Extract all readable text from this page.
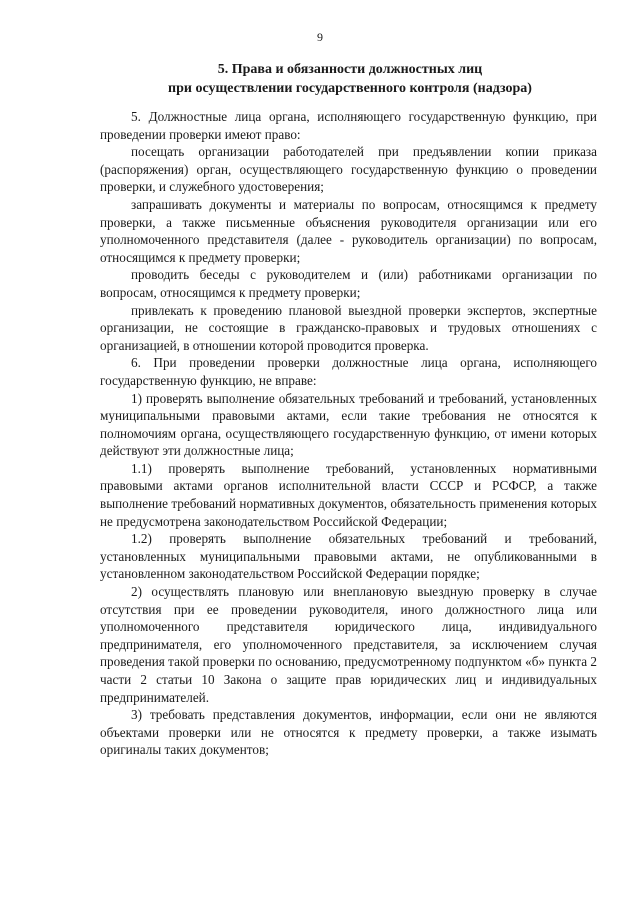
9
5. Права и обязанности должностных лиц
при осуществлении государственного контроля (надзора)

5. Должностные лица органа, исполняющего государственную функцию, при проведении проверки имеют право:

посещать организации работодателей при предъявлении копии приказа (распоряжения) орган, осуществляющего государственную функцию о проведении проверки, и служебного удостоверения;

запрашивать документы и материалы по вопросам, относящимся к предмету проверки, а также письменные объяснения руководителя организации или его уполномоченного представителя (далее - руководитель организации) по вопросам, относящимся к предмету проверки;

проводить беседы с руководителем и (или) работниками организации по вопросам, относящимся к предмету проверки;

привлекать к проведению плановой выездной проверки экспертов, экспертные организации, не состоящие в гражданско-правовых и трудовых отношениях с организацией, в отношении которой проводится проверка.

6. При проведении проверки должностные лица органа, исполняющего государственную функцию, не вправе:

1) проверять выполнение обязательных требований и требований, установленных муниципальными правовыми актами, если такие требования не относятся к полномочиям органа, осуществляющего государственную функцию, от имени которых действуют эти должностные лица;

1.1) проверять выполнение требований, установленных нормативными правовыми актами органов исполнительной власти СССР и РСФСР, а также выполнение требований нормативных документов, обязательность применения которых не предусмотрена законодательством Российской Федерации;

1.2) проверять выполнение обязательных требований и требований, установленных муниципальными правовыми актами, не опубликованными в установленном законодательством Российской Федерации порядке;

2) осуществлять плановую или внеплановую выездную проверку в случае отсутствия при ее проведении руководителя, иного должностного лица или уполномоченного представителя юридического лица, индивидуального предпринимателя, его уполномоченного представителя, за исключением случая проведения такой проверки по основанию, предусмотренному подпунктом «б» пункта 2 части 2 статьи 10 Закона о защите прав юридических лиц и индивидуальных предпринимателей.

3) требовать представления документов, информации, если они не являются объектами проверки или не относятся к предмету проверки, а также изымать оригиналы таких документов;
